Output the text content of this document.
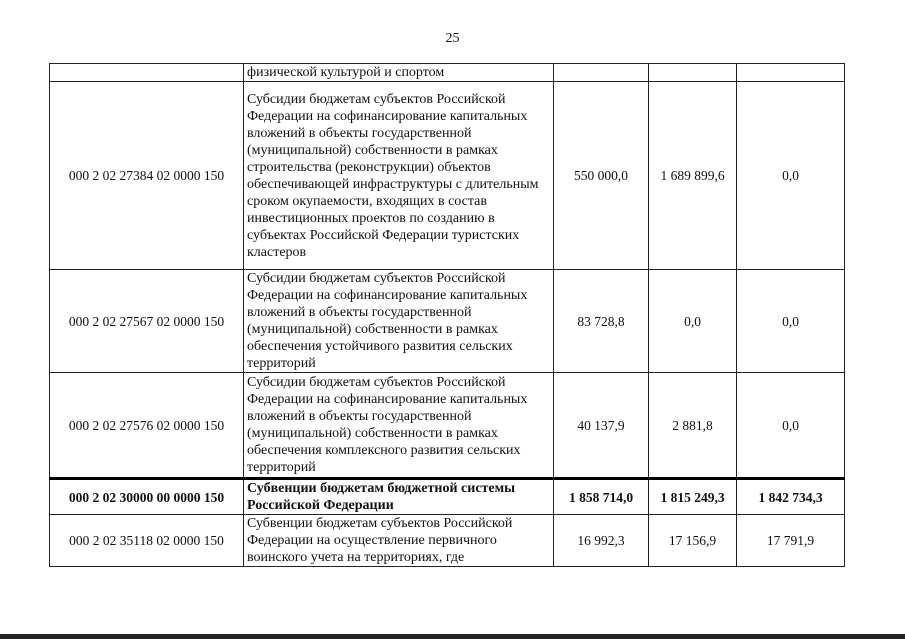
25
	физической культурой и спортом			
000 2 02 27384 02 0000 150	Субсидии бюджетам субъектов Российской Федерации на софинансирование капитальных вложений в объекты государственной (муниципальной) собственности в рамках строительства (реконструкции) объектов обеспечивающей инфраструктуры с длительным сроком окупаемости, входящих в состав инвестиционных проектов по созданию в субъектах Российской Федерации туристских кластеров	550 000,0	1 689 899,6	0,0
000 2 02 27567 02 0000 150	Субсидии бюджетам субъектов Российской Федерации на софинансирование капитальных вложений в объекты государственной (муниципальной) собственности в рамках обеспечения устойчивого развития сельских территорий	83 728,8	0,0	0,0
000 2 02 27576 02 0000 150	Субсидии бюджетам субъектов Российской Федерации на софинансирование капитальных вложений в объекты государственной (муниципальной) собственности в рамках обеспечения комплексного развития сельских территорий	40 137,9	2 881,8	0,0
000 2 02 30000 00 0000 150	Субвенции бюджетам бюджетной системы Российской Федерации	1 858 714,0	1 815 249,3	1 842 734,3
000 2 02 35118 02 0000 150	Субвенции бюджетам субъектов Российской Федерации на осуществление первичного воинского учета на территориях, где	16 992,3	17 156,9	17 791,9
